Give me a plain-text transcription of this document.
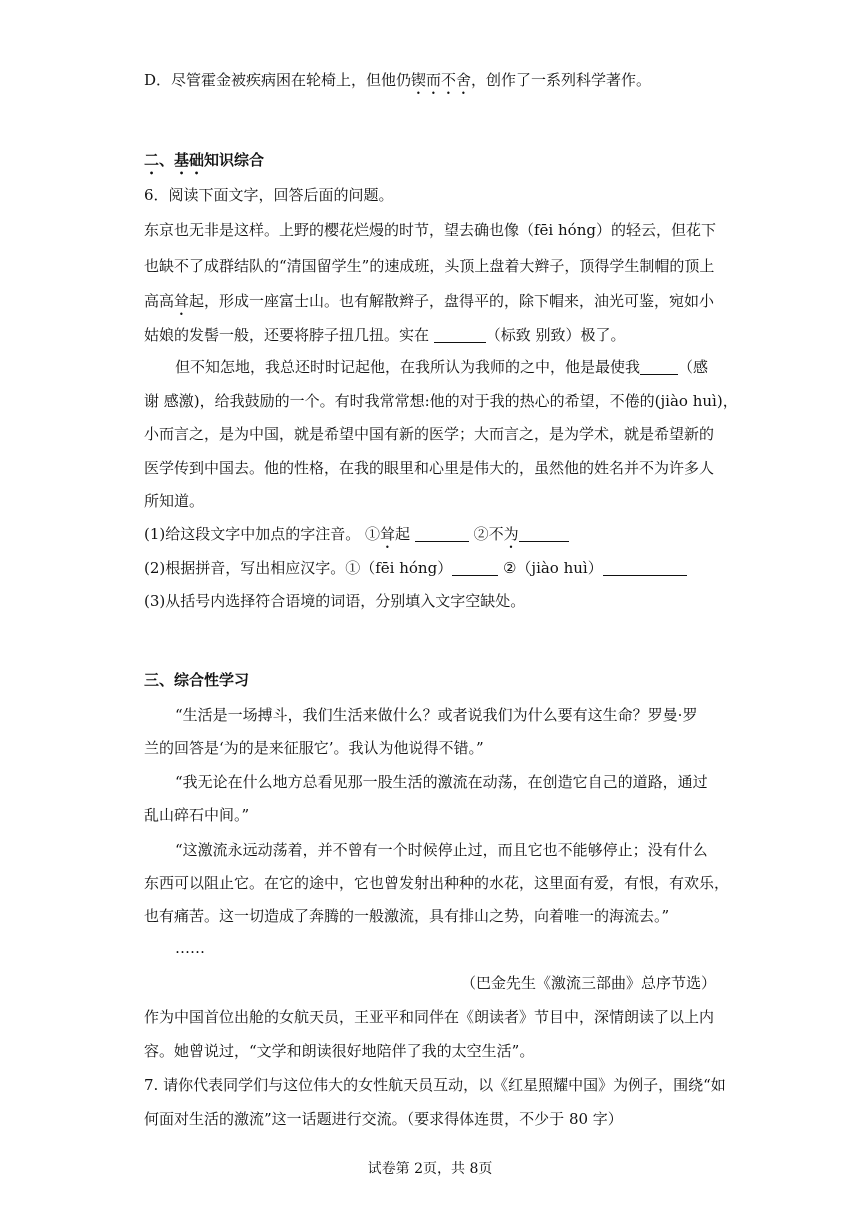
D．尽管霍金被疾病困在轮椅上，但他仍锲而不舍，创作了一系列科学著作。
二、基础知识综合
6．阅读下面文字，回答后面的问题。
东京也无非是这样。上野的樱花烂熳的时节，望去确也像（fēi hóng）的轻云，但花下
也缺不了成群结队的“清国留学生”的速成班，头顶上盘着大辫子，顶得学生制帽的顶上
高高耸起，形成一座富士山。也有解散辫子，盘得平的，除下帽来，油光可鉴，宛如小
姑娘的发髻一般，还要将脖子扭几扭。实在	（标致 别致）极了。
但不知怎地，我总还时时记起他，在我所认为我师的之中，他是最使我	（感
谢 感激)，给我鼓励的一个。有时我常常想:他的对于我的热心的希望，不倦的(jiào huì)，
小而言之，是为中国，就是希望中国有新的医学；大而言之，是为学术，就是希望新的
医学传到中国去。他的性格，在我的眼里和心里是伟大的，虽然他的姓名并不为许多人
所知道。
(1)给这段文字中加点的字注音。 ①耸起	②不为
(2)根据拼音，写出相应汉字。①（fēi hóng）	②（jiào huì）
(3)从括号内选择符合语境的词语，分别填入文字空缺处。
三、综合性学习
“生活是一场搏斗，我们生活来做什么？或者说我们为什么要有这生命？罗曼·罗
兰的回答是‘为的是来征服它’。我认为他说得不错。”
“我无论在什么地方总看见那一股生活的激流在动荡，在创造它自己的道路，通过
乱山碎石中间。”
“这激流永远动荡着，并不曾有一个时候停止过，而且它也不能够停止；没有什么
东西可以阻止它。在它的途中，它也曾发射出种种的水花，这里面有爱，有恨，有欢乐，
也有痛苦。这一切造成了奔腾的一般激流，具有排山之势，向着唯一的海流去。”
……
（巴金先生《激流三部曲》总序节选）
作为中国首位出舱的女航天员，王亚平和同伴在《朗读者》节目中，深情朗读了以上内
容。她曾说过，“文学和朗读很好地陪伴了我的太空生活”。
7. 请你代表同学们与这位伟大的女性航天员互动，以《红星照耀中国》为例子，围绕“如
何面对生活的激流”这一话题进行交流。（要求得体连贯，不少于 80 字）
试卷第 2页，共 8页
